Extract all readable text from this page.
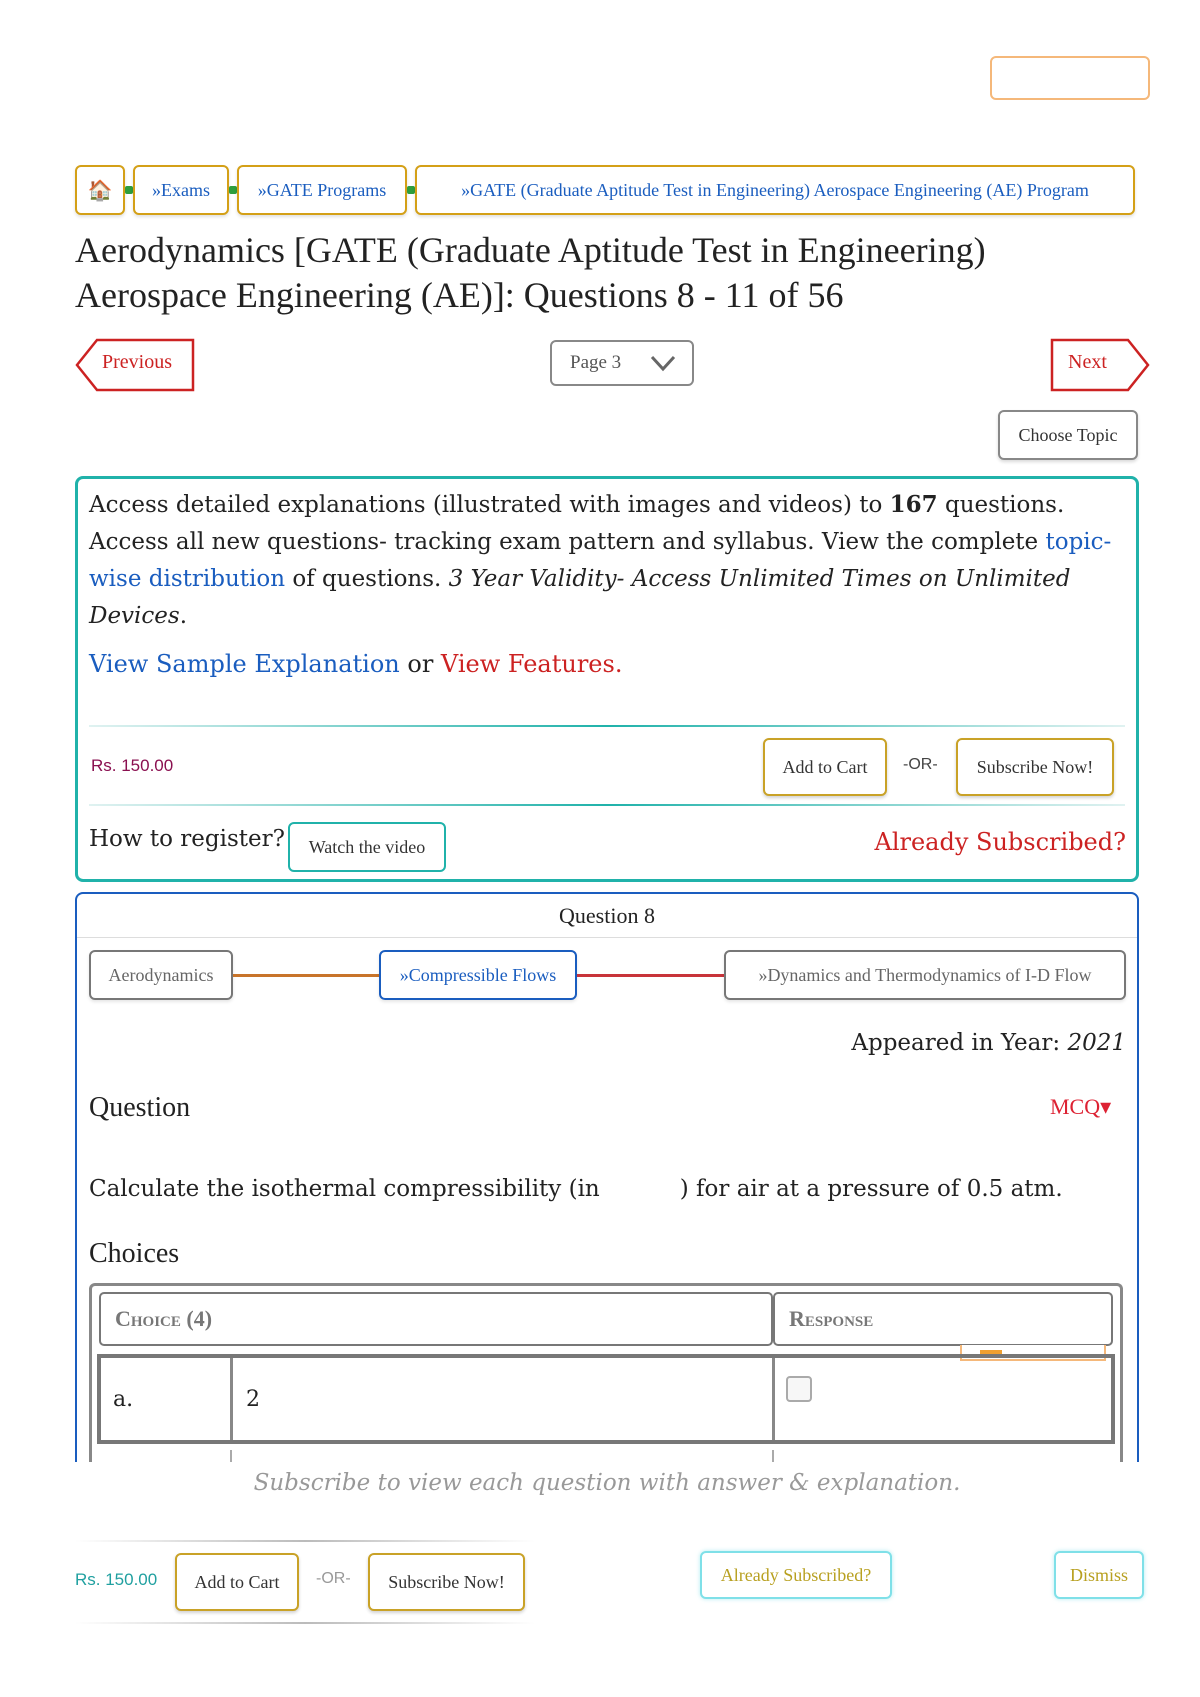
🏠	»Exams	»GATE Programs	»GATE (Graduate Aptitude Test in Engineering) Aerospace Engineering (AE) Program
Aerodynamics [GATE (Graduate Aptitude Test in Engineering) Aerospace Engineering (AE)]: Questions 8 - 11 of 56
Previous	Page 3	Next
Choose Topic
Access detailed explanations (illustrated with images and videos) to 167 questions. Access all new questions- tracking exam pattern and syllabus. View the complete topic-wise distribution of questions. 3 Year Validity- Access Unlimited Times on Unlimited Devices.
View Sample Explanation or View Features.
Rs. 150.00	Add to Cart	-OR-	Subscribe Now!
How to register?	Watch the video	Already Subscribed?
Question 8
Aerodynamics	»Compressible Flows	»Dynamics and Thermodynamics of I-D Flow
Appeared in Year: 2021
Question	MCQ▾
Calculate the isothermal compressibility (in	) for air at a pressure of 0.5 atm.
Choices
Choice (4)	Response
a.	2
Subscribe to view each question with answer & explanation.
Rs. 150.00	Add to Cart	-OR-	Subscribe Now!	Already Subscribed?	Dismiss
